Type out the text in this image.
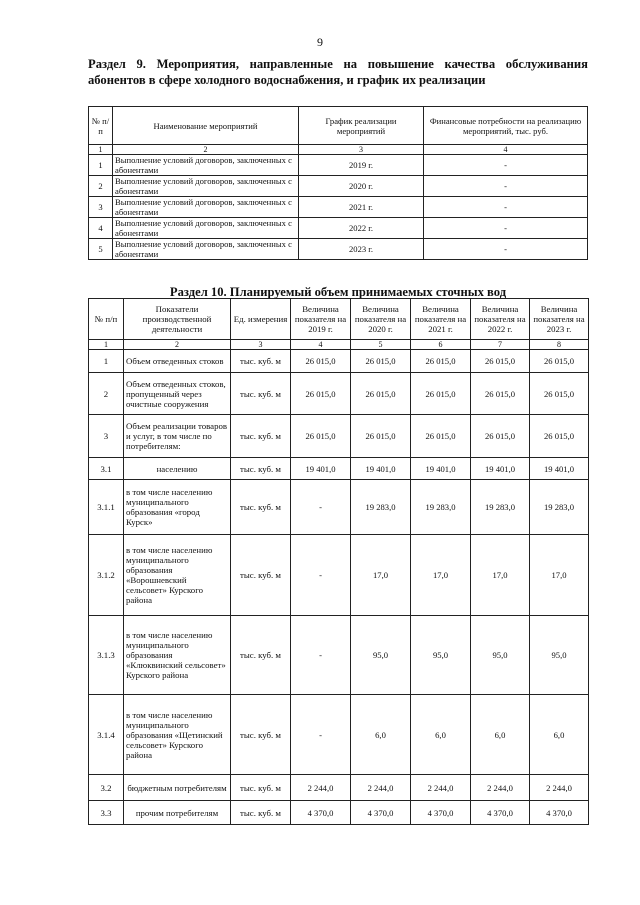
9
Раздел 9. Мероприятия, направленные на повышение качества обслуживания абонентов в сфере холодного водоснабжения, и график их реализации
№ п/п	Наименование мероприятий	График реализации мероприятий	Финансовые потребности на реализацию мероприятий, тыс. руб.
1	2	3	4
1	Выполнение условий договоров, заключенных с абонентами	2019 г.	-
2	Выполнение условий договоров, заключенных с абонентами	2020 г.	-
3	Выполнение условий договоров, заключенных с абонентами	2021 г.	-
4	Выполнение условий договоров, заключенных с абонентами	2022 г.	-
5	Выполнение условий договоров, заключенных с абонентами	2023 г.	-
Раздел 10. Планируемый объем принимаемых сточных вод
№ п/п	Показатели производственной деятельности	Ед. измерения	Величина показателя на 2019 г.	Величина показателя на 2020 г.	Величина показателя на 2021 г.	Величина показателя на 2022 г.	Величина показателя на 2023 г.
1	2	3	4	5	6	7	8
1	Объем отведенных стоков	тыс. куб. м	26 015,0	26 015,0	26 015,0	26 015,0	26 015,0
2	Объем отведенных стоков, пропущенный через очистные сооружения	тыс. куб. м	26 015,0	26 015,0	26 015,0	26 015,0	26 015,0
3	Объем реализации товаров и услуг, в том числе по потребителям:	тыс. куб. м	26 015,0	26 015,0	26 015,0	26 015,0	26 015,0
3.1	населению	тыс. куб. м	19 401,0	19 401,0	19 401,0	19 401,0	19 401,0
3.1.1	в том числе населению муниципального образования «город Курск»	тыс. куб. м	-	19 283,0	19 283,0	19 283,0	19 283,0
3.1.2	в том числе населению муниципального образования «Ворошневский сельсовет» Курского района	тыс. куб. м	-	17,0	17,0	17,0	17,0
3.1.3	в том числе населению муниципального образования «Клюквинский сельсовет» Курского района	тыс. куб. м	-	95,0	95,0	95,0	95,0
3.1.4	в том числе населению муниципального образования «Щетинский сельсовет» Курского района	тыс. куб. м	-	6,0	6,0	6,0	6,0
3.2	бюджетным потребителям	тыс. куб. м	2 244,0	2 244,0	2 244,0	2 244,0	2 244,0
3.3	прочим потребителям	тыс. куб. м	4 370,0	4 370,0	4 370,0	4 370,0	4 370,0
